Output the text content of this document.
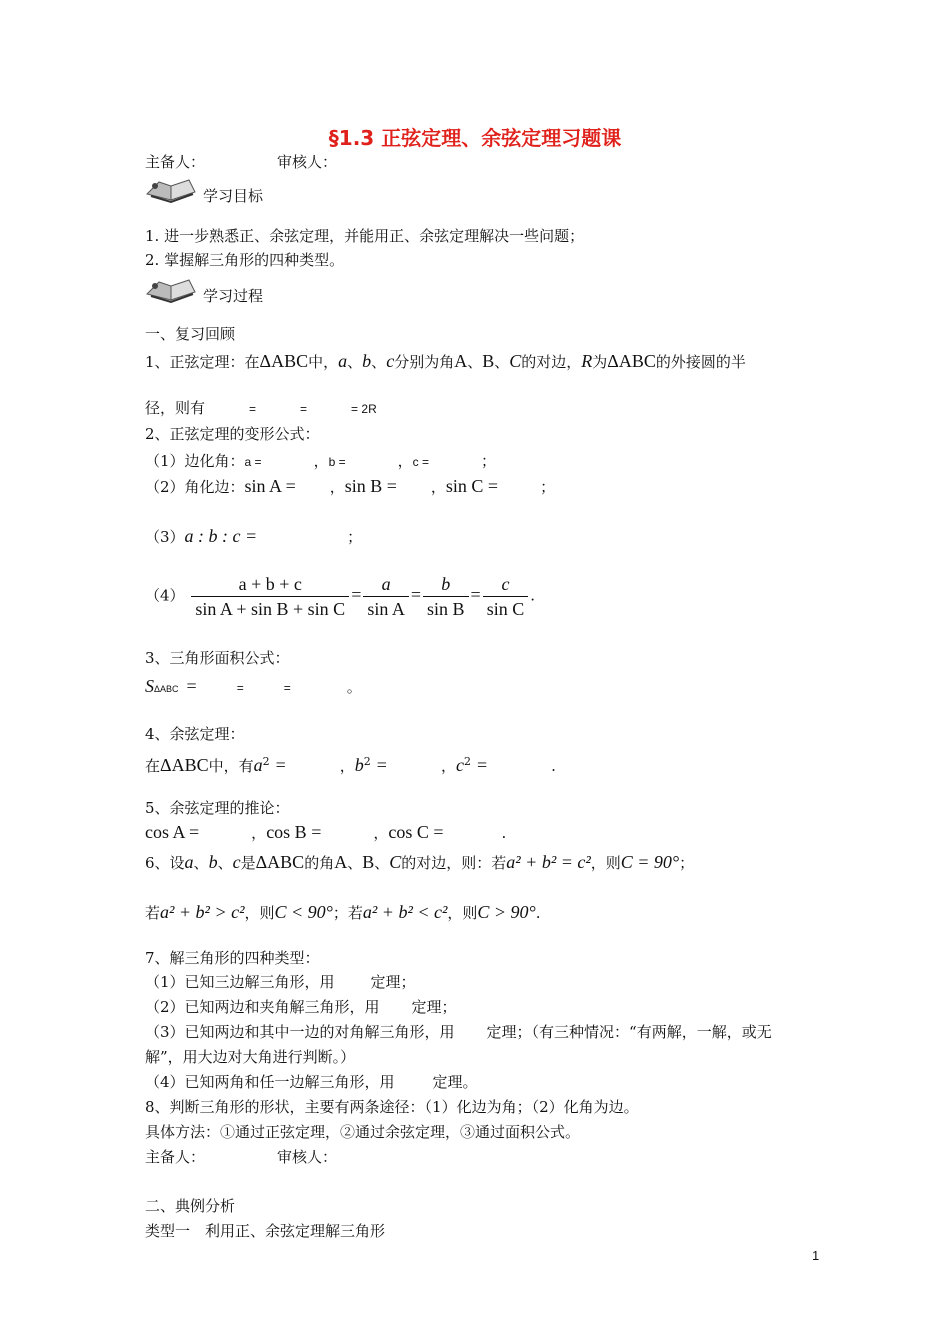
§1.3 正弦定理、余弦定理习题课
主备人：	审核人：
学习目标
1. 进一步熟悉正、余弦定理，并能用正、余弦定理解决一些问题；
2. 掌握解三角形的四种类型。
学习过程
一、复习回顾
1、正弦定理：在ΔABC中，a、b、c分别为角A、B、C的对边，R为ΔABC的外接圆的半
径，则有	=	=	= 2R
2、正弦定理的变形公式：
（1）边化角：a =	，b =	，c =	；
（2）角化边：sin A = ，sin B = ，sin C =	；
（3）a : b : c =	；
$(4) \frac{a + b + c}{\text{sin A + sin B + sin C}} = \frac{a}{\text{sin A}} = \frac{b}{\text{sin B}} = \frac{c}{\text{sin C}}$ .
3、三角形面积公式：
SΔABC =	=	=	。
4、余弦定理：
在ΔABC中，有$a^2$ =	，$b^2$ =	，$c^2$ =	.
5、余弦定理的推论：
cos A =	，cos B =	，cos C =	.
6、设a、b、c是ΔABC的角A、B、C的对边，则：若a² + b² = c²，则C = 90°；
若a² + b² > c²，则C < 90°；若a² + b² < c²，则C > 90°.
7、解三角形的四种类型：
（1）已知三边解三角形，用 定理；
（2）已知两边和夹角解三角形，用 定理；
（3）已知两边和其中一边的对角解三角形，用 定理；（有三种情况：“有两解，一解，或无
解”，用大边对大角进行判断。）
（4）已知两角和任一边解三角形，用	定理。
8、判断三角形的形状，主要有两条途径：（1）化边为角；（2）化角为边。
具体方法：①通过正弦定理，②通过余弦定理，③通过面积公式。
主备人：	审核人：
二、典例分析
类型一　利用正、余弦定理解三角形
1
